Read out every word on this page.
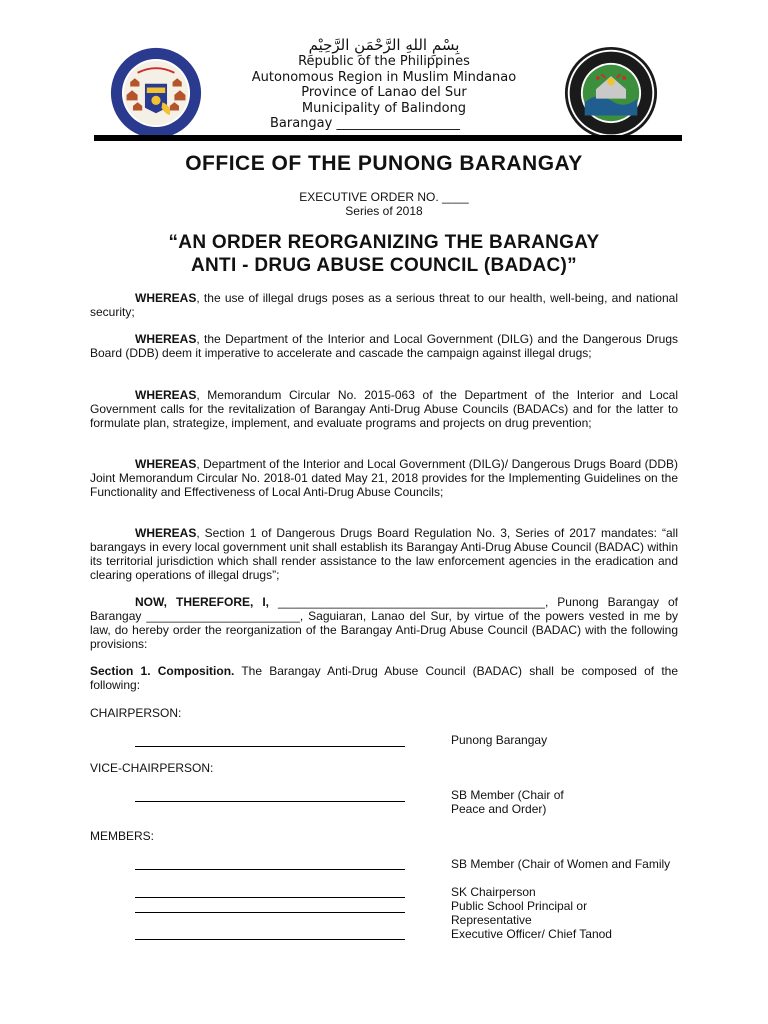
بِسْمِ اللهِ الرَّحْمَنِ الرَّحِيْمِ
Republic of the Philippines
Autonomous Region in Muslim Mindanao
Province of Lanao del Sur
Municipality of Balindong
Barangay ___________________
OFFICE OF THE PUNONG BARANGAY
EXECUTIVE ORDER NO. ____
Series of 2018
“AN ORDER REORGANIZING THE BARANGAY
ANTI - DRUG ABUSE COUNCIL (BADAC)”

WHEREAS, the use of illegal drugs poses as a serious threat to our health, well-being, and national security;

WHEREAS, the Department of the Interior and Local Government (DILG) and the Dangerous Drugs Board (DDB) deem it imperative to accelerate and cascade the campaign against illegal drugs;

WHEREAS, Memorandum Circular No. 2015-063 of the Department of the Interior and Local Government calls for the revitalization of Barangay Anti-Drug Abuse Councils (BADACs) and for the latter to formulate plan, strategize, implement, and evaluate programs and projects on drug prevention;

WHEREAS, Department of the Interior and Local Government (DILG)/ Dangerous Drugs Board (DDB) Joint Memorandum Circular No. 2018-01 dated May 21, 2018 provides for the Implementing Guidelines on the Functionality and Effectiveness of Local Anti-Drug Abuse Councils;

WHEREAS, Section 1 of Dangerous Drugs Board Regulation No. 3, Series of 2017 mandates: “all barangays in every local government unit shall establish its Barangay Anti-Drug Abuse Council (BADAC) within its territorial jurisdiction which shall render assistance to the law enforcement agencies in the eradication and clearing operations of illegal drugs”;

NOW, THEREFORE, I, ________________________________________, Punong Barangay of Barangay _______________________, Saguiaran, Lanao del Sur, by virtue of the powers vested in me by law, do hereby order the reorganization of the Barangay Anti-Drug Abuse Council (BADAC) with the following provisions:

Section 1. Composition. The Barangay Anti-Drug Abuse Council (BADAC) shall be composed of the following:

CHAIRPERSON:
Punong Barangay
VICE-CHAIRPERSON:
SB Member (Chair of
Peace and Order)
MEMBERS:
SB Member (Chair of Women and Family
SK Chairperson
Public School Principal or Representative
Executive Officer/ Chief Tanod
